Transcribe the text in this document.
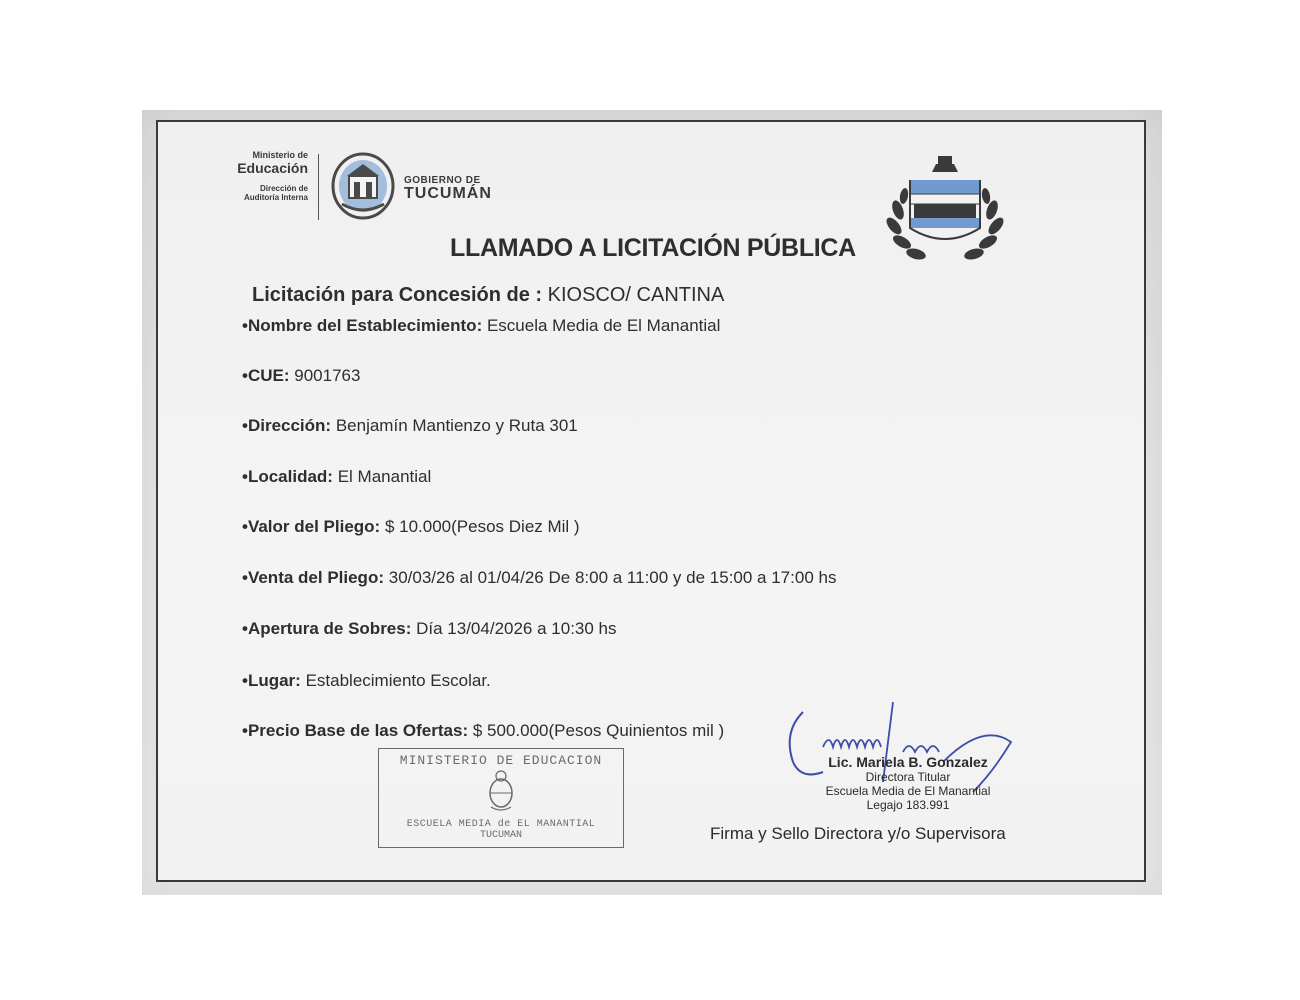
Ministerio de
Educación
Dirección de
Auditoría Interna
GOBIERNO DE
TUCUMÁN
LLAMADO A LICITACIÓN PÚBLICA
Licitación para Concesión de : KIOSCO/ CANTINA
•Nombre del Establecimiento: Escuela Media de El Manantial
•CUE: 9001763
•Dirección: Benjamín Mantienzo y Ruta 301
•Localidad: El Manantial
•Valor del Pliego: $ 10.000(Pesos Diez Mil )
•Venta del Pliego: 30/03/26 al 01/04/26 De 8:00 a 11:00 y de 15:00 a 17:00 hs
•Apertura de Sobres: Día 13/04/2026 a 10:30 hs
•Lugar: Establecimiento Escolar.
•Precio Base de las Ofertas: $ 500.000(Pesos Quinientos mil )
MINISTERIO DE EDUCACION
ESCUELA MEDIA de EL MANANTIAL
TUCUMAN
Lic. Mariela B. Gonzalez
Directora Titular
Escuela Media de El Manantial
Legajo 183.991
Firma y Sello Directora y/o Supervisora
